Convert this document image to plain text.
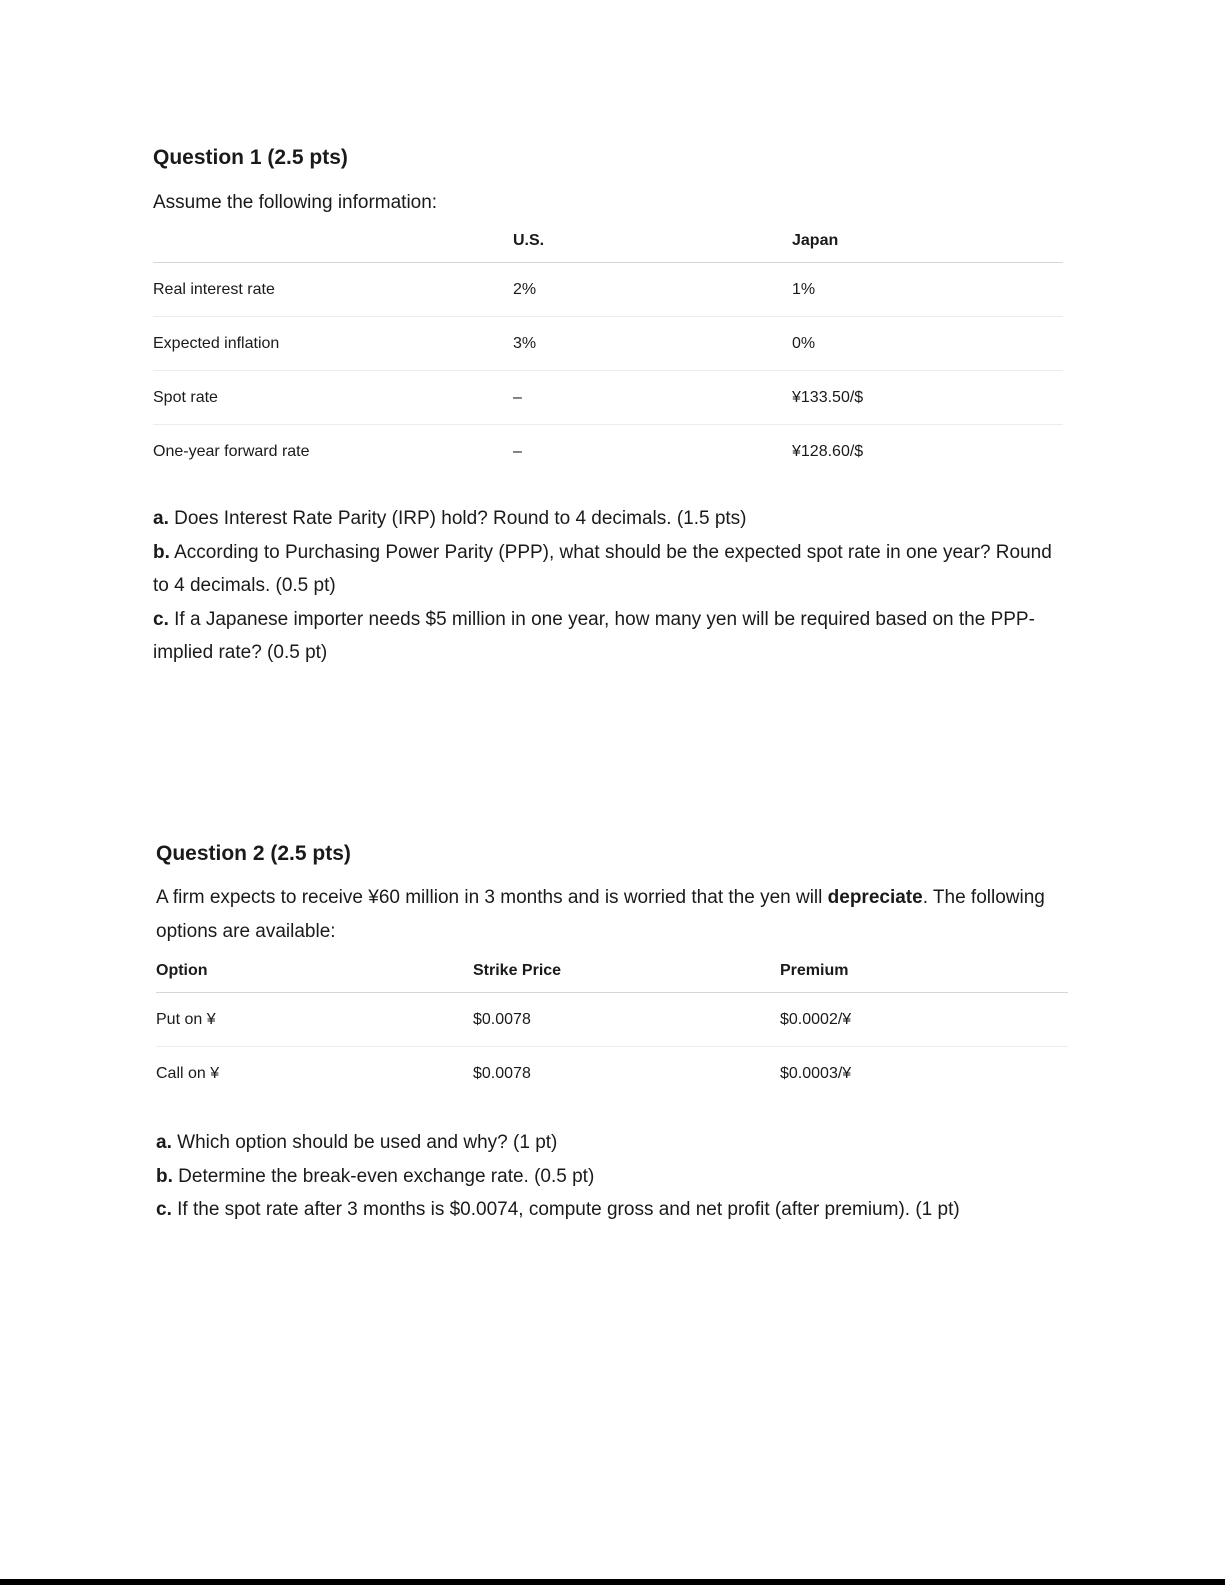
Question 1 (2.5 pts)

Assume the following information:

	U.S.	Japan
Real interest rate	2%	1%
Expected inflation	3%	0%
Spot rate	–	¥133.50/$
One-year forward rate	–	¥128.60/$
a. Does Interest Rate Parity (IRP) hold? Round to 4 decimals. (1.5 pts)
b. According to Purchasing Power Parity (PPP), what should be the expected spot rate in one year? Round to 4 decimals. (0.5 pt)
c. If a Japanese importer needs $5 million in one year, how many yen will be required based on the PPP-implied rate? (0.5 pt)
Question 2 (2.5 pts)

A firm expects to receive ¥60 million in 3 months and is worried that the yen will depreciate. The following options are available:

Option	Strike Price	Premium
Put on ¥	$0.0078	$0.0002/¥
Call on ¥	$0.0078	$0.0003/¥
a. Which option should be used and why? (1 pt)
b. Determine the break-even exchange rate. (0.5 pt)
c. If the spot rate after 3 months is $0.0074, compute gross and net profit (after premium). (1 pt)
